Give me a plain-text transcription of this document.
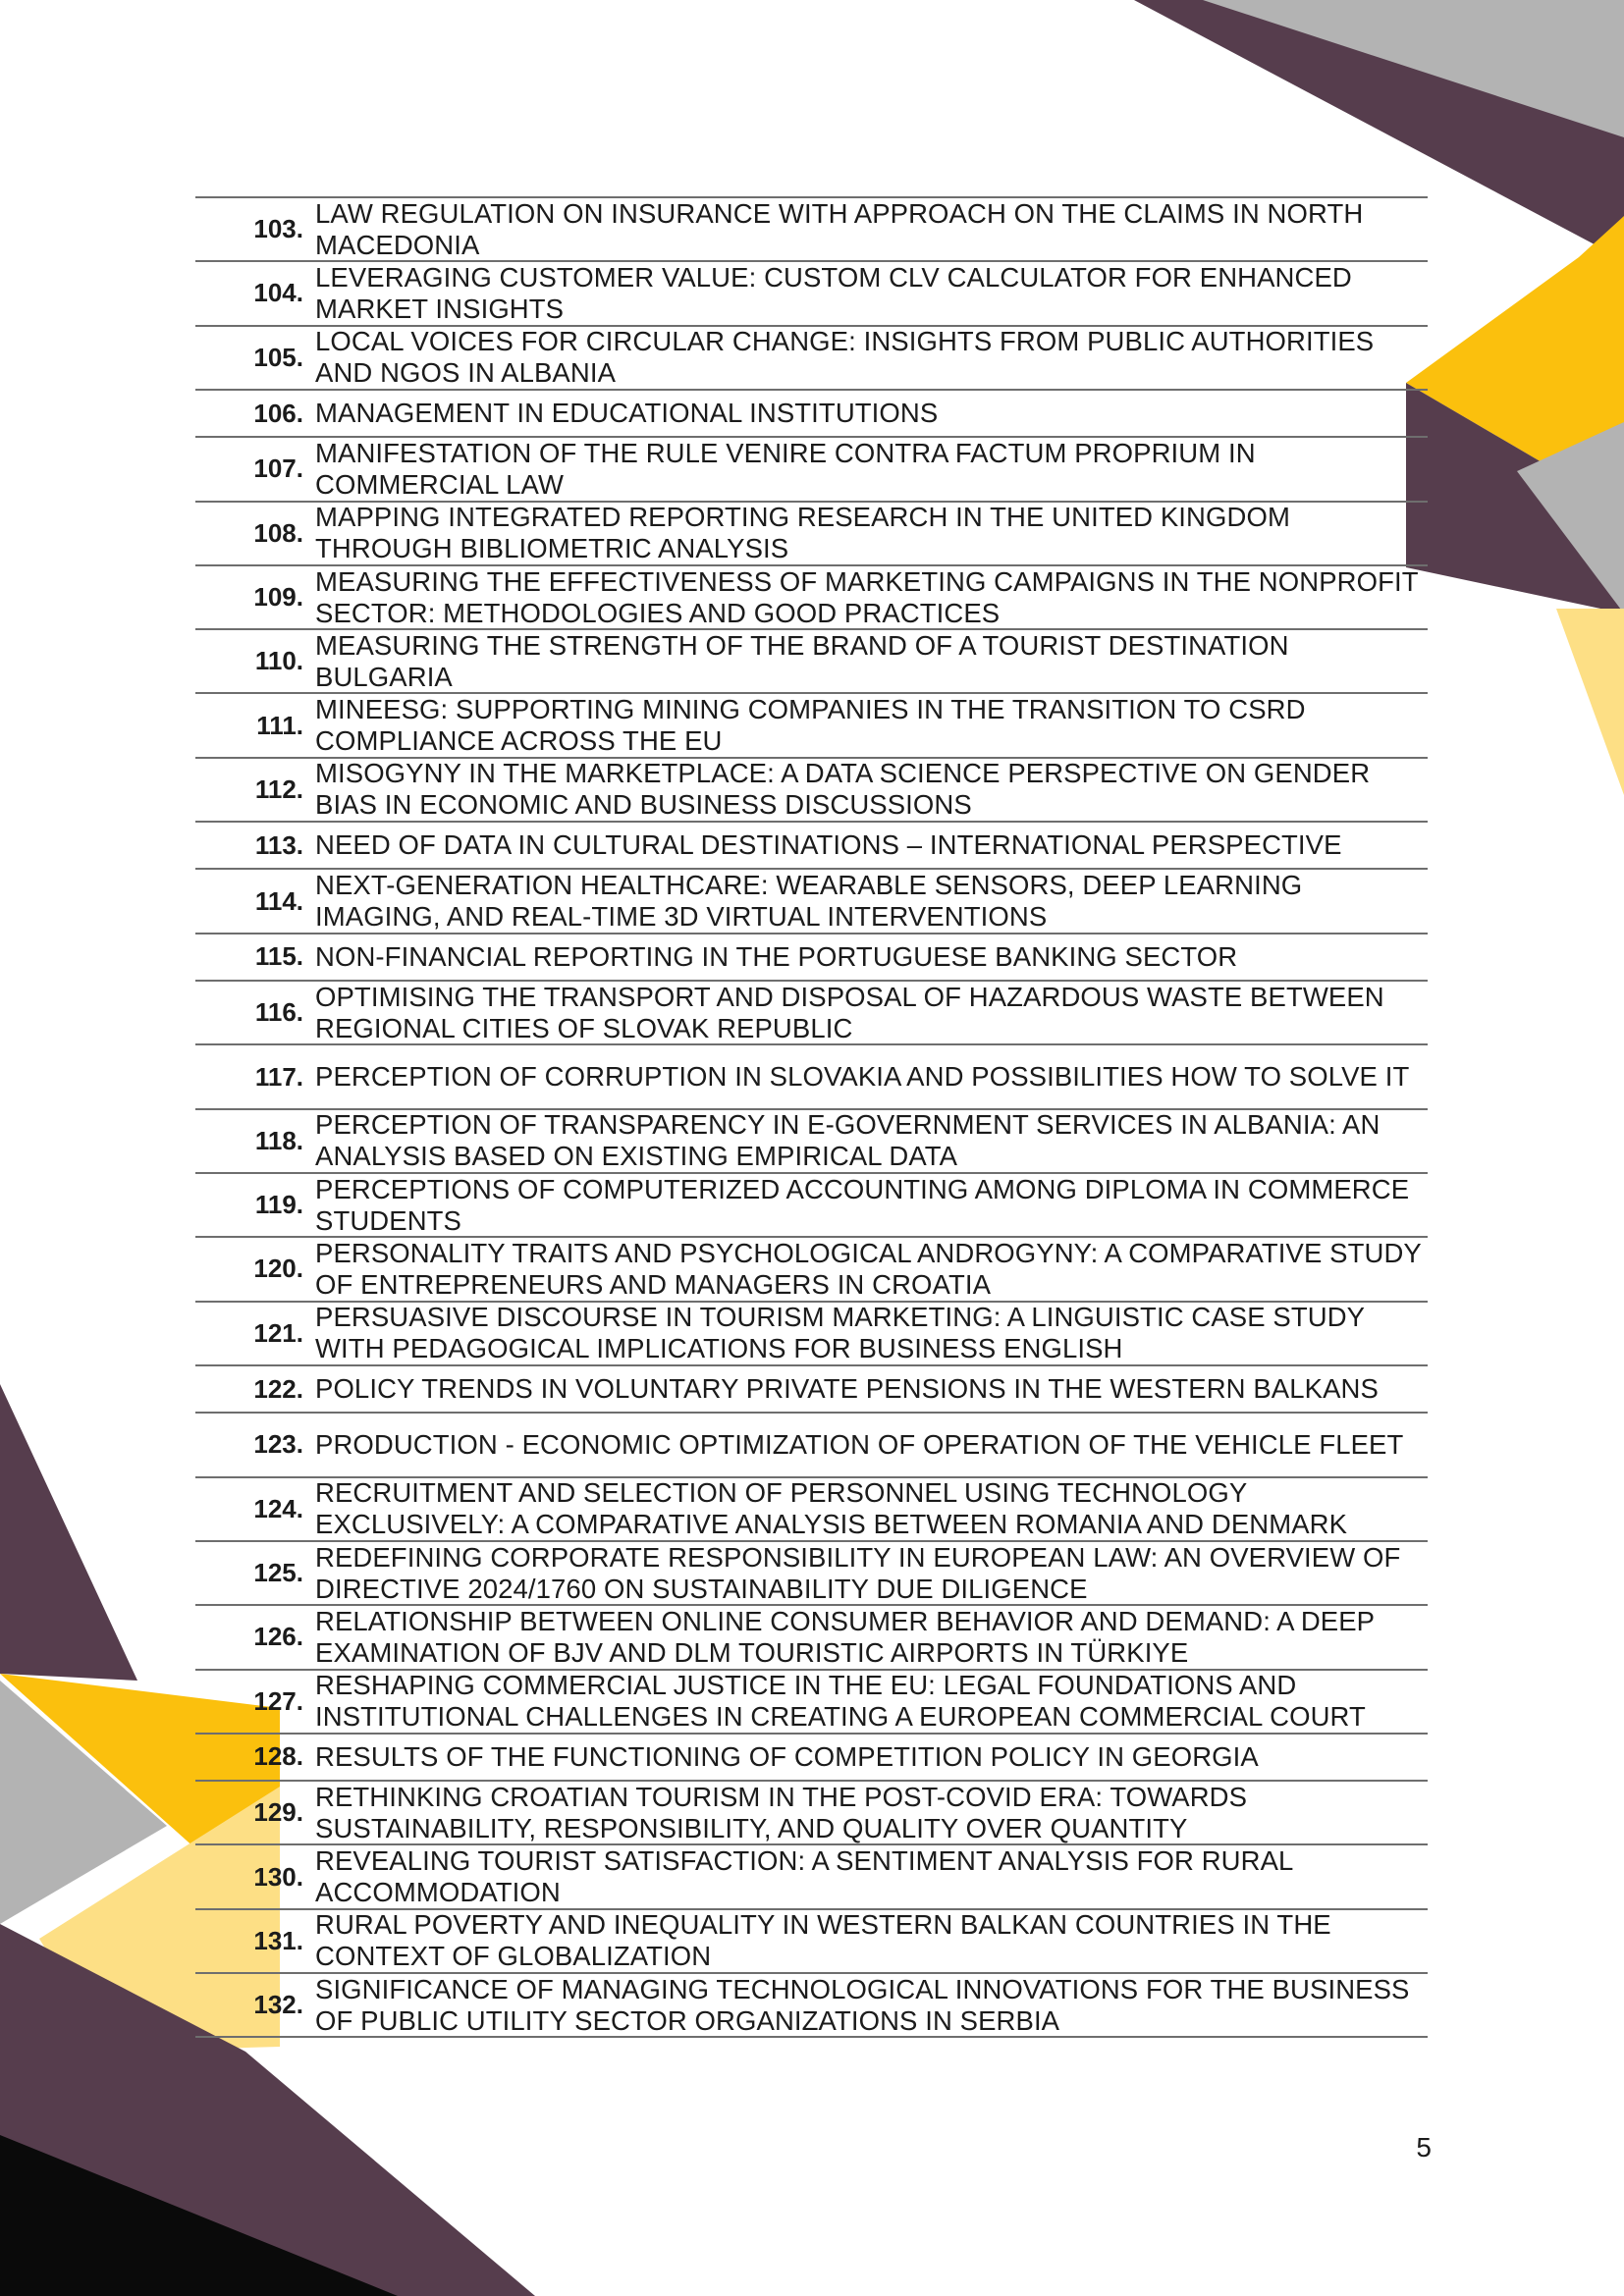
103.
LAW REGULATION ON INSURANCE WITH APPROACH ON THE CLAIMS IN NORTH MACEDONIA
104.
LEVERAGING CUSTOMER VALUE: CUSTOM CLV CALCULATOR FOR ENHANCED MARKET INSIGHTS
105.
LOCAL VOICES FOR CIRCULAR CHANGE: INSIGHTS FROM PUBLIC AUTHORITIES AND NGOS IN ALBANIA
106. MANAGEMENT IN EDUCATIONAL INSTITUTIONS
107.
MANIFESTATION OF THE RULE VENIRE CONTRA FACTUM PROPRIUM IN COMMERCIAL LAW
108.
MAPPING INTEGRATED REPORTING RESEARCH IN THE UNITED KINGDOM THROUGH BIBLIOMETRIC ANALYSIS
109.
MEASURING THE EFFECTIVENESS OF MARKETING CAMPAIGNS IN THE NONPROFIT SECTOR: METHODOLOGIES AND GOOD PRACTICES
110.
MEASURING THE STRENGTH OF THE BRAND OF A TOURIST DESTINATION BULGARIA
111.
MINEESG: SUPPORTING MINING COMPANIES IN THE TRANSITION TO CSRD COMPLIANCE ACROSS THE EU
112.
MISOGYNY IN THE MARKETPLACE: A DATA SCIENCE PERSPECTIVE ON GENDER BIAS IN ECONOMIC AND BUSINESS DISCUSSIONS
113. NEED OF DATA IN CULTURAL DESTINATIONS – INTERNATIONAL PERSPECTIVE
114.
NEXT-GENERATION HEALTHCARE: WEARABLE SENSORS, DEEP LEARNING IMAGING, AND REAL-TIME 3D VIRTUAL INTERVENTIONS
115. NON-FINANCIAL REPORTING IN THE PORTUGUESE BANKING SECTOR
116.
OPTIMISING THE TRANSPORT AND DISPOSAL OF HAZARDOUS WASTE BETWEEN REGIONAL CITIES OF SLOVAK REPUBLIC
117. PERCEPTION OF CORRUPTION IN SLOVAKIA AND POSSIBILITIES HOW TO SOLVE IT
118.
PERCEPTION OF TRANSPARENCY IN E-GOVERNMENT SERVICES IN ALBANIA: AN ANALYSIS BASED ON EXISTING EMPIRICAL DATA
119.
PERCEPTIONS OF COMPUTERIZED ACCOUNTING AMONG DIPLOMA IN COMMERCE STUDENTS
120.
PERSONALITY TRAITS AND PSYCHOLOGICAL ANDROGYNY: A COMPARATIVE STUDY OF ENTREPRENEURS AND MANAGERS IN CROATIA
121.
PERSUASIVE DISCOURSE IN TOURISM MARKETING: A LINGUISTIC CASE STUDY WITH PEDAGOGICAL IMPLICATIONS FOR BUSINESS ENGLISH
122. POLICY TRENDS IN VOLUNTARY PRIVATE PENSIONS IN THE WESTERN BALKANS
123. PRODUCTION - ECONOMIC OPTIMIZATION OF OPERATION OF THE VEHICLE FLEET
124.
RECRUITMENT AND SELECTION OF PERSONNEL USING TECHNOLOGY EXCLUSIVELY: A COMPARATIVE ANALYSIS BETWEEN ROMANIA AND DENMARK
125.
REDEFINING CORPORATE RESPONSIBILITY IN EUROPEAN LAW: AN OVERVIEW OF DIRECTIVE 2024/1760 ON SUSTAINABILITY DUE DILIGENCE
126.
RELATIONSHIP BETWEEN ONLINE CONSUMER BEHAVIOR AND DEMAND: A DEEP EXAMINATION OF BJV AND DLM TOURISTIC AIRPORTS IN TÜRKIYE
127.
RESHAPING COMMERCIAL JUSTICE IN THE EU: LEGAL FOUNDATIONS AND INSTITUTIONAL CHALLENGES IN CREATING A EUROPEAN COMMERCIAL COURT
128. RESULTS OF THE FUNCTIONING OF COMPETITION POLICY IN GEORGIA
129.
RETHINKING CROATIAN TOURISM IN THE POST-COVID ERA: TOWARDS SUSTAINABILITY, RESPONSIBILITY, AND QUALITY OVER QUANTITY
130.
REVEALING TOURIST SATISFACTION: A SENTIMENT ANALYSIS FOR RURAL ACCOMMODATION
131.
RURAL POVERTY AND INEQUALITY IN WESTERN BALKAN COUNTRIES IN THE CONTEXT OF GLOBALIZATION
132.
SIGNIFICANCE OF MANAGING TECHNOLOGICAL INNOVATIONS FOR THE BUSINESS OF PUBLIC UTILITY SECTOR ORGANIZATIONS IN SERBIA
5
